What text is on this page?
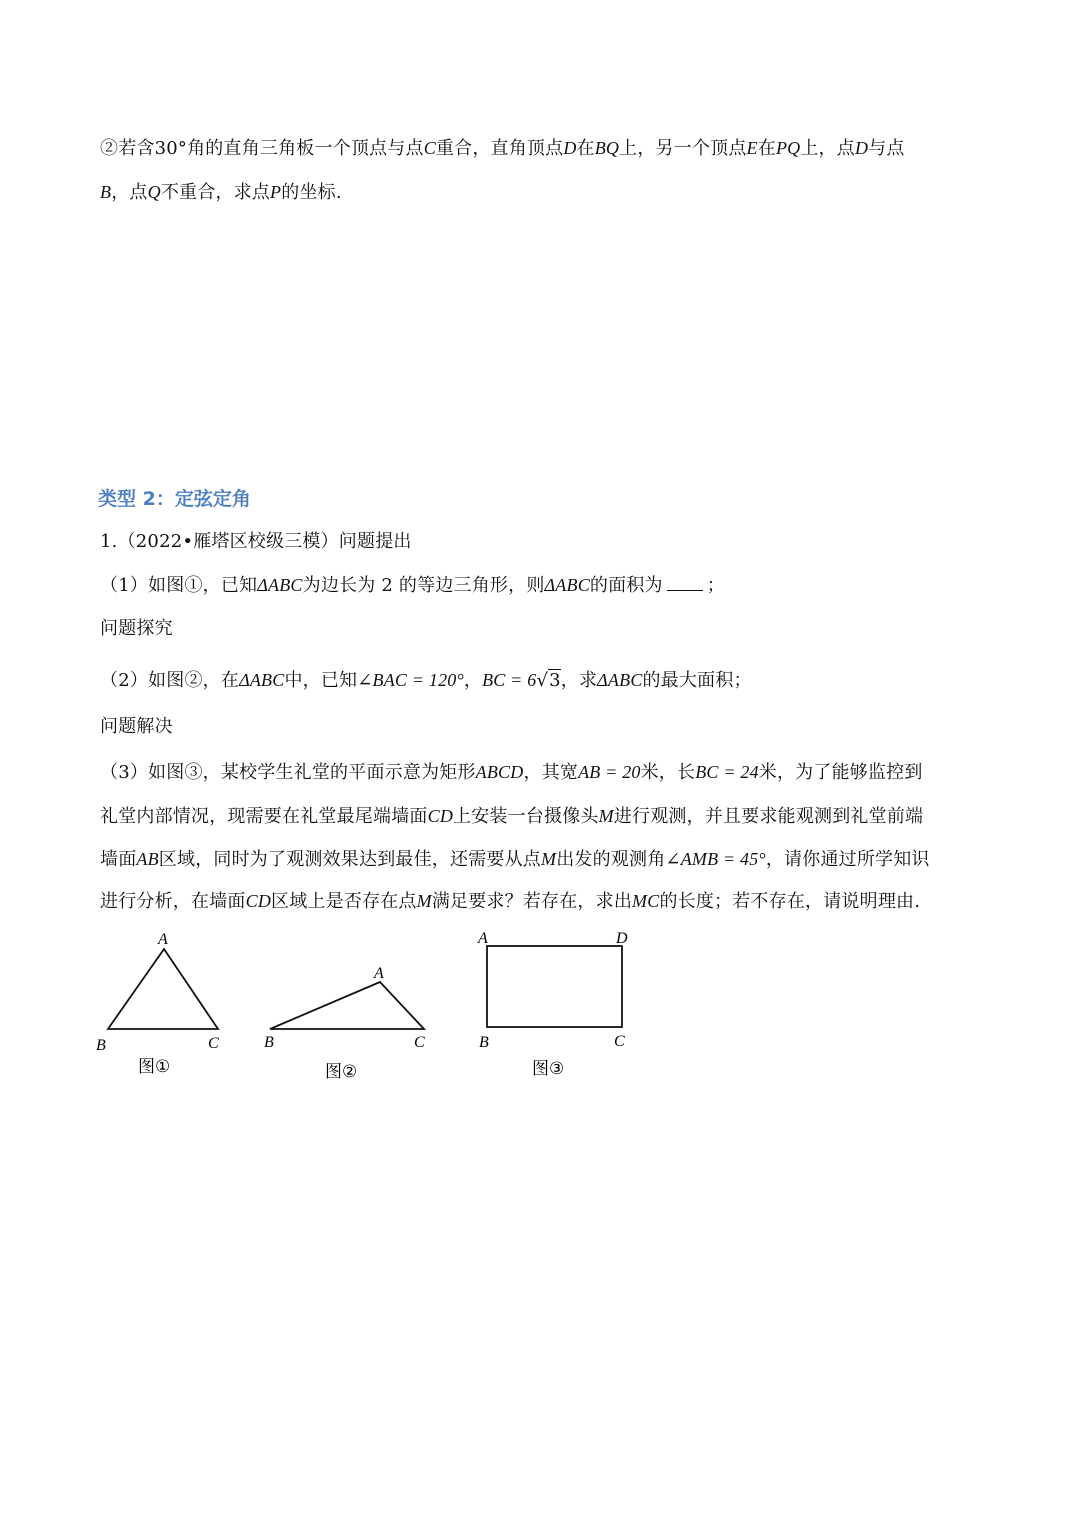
②若含30°角的直角三角板一个顶点与点C重合，直角顶点D在BQ上，另一个顶点E在PQ上，点D与点
B，点Q不重合，求点P的坐标.
类型 2：定弦定角
1.（2022•雁塔区校级三模）问题提出
（1）如图①，已知ΔABC为边长为 2 的等边三角形，则ΔABC的面积为 ；
问题探究
（2）如图②，在ΔABC中，已知∠BAC = 120°，BC = 6√3，求ΔABC的最大面积；
问题解决
（3）如图③，某校学生礼堂的平面示意为矩形ABCD，其宽AB = 20米，长BC = 24米，为了能够监控到
礼堂内部情况，现需要在礼堂最尾端墙面CD上安装一台摄像头M进行观测，并且要求能观测到礼堂前端
墙面AB区域，同时为了观测效果达到最佳，还需要从点M出发的观测角∠AMB = 45°，请你通过所学知识
进行分析，在墙面CD区域上是否存在点M满足要求？若存在，求出MC的长度；若不存在，请说明理由.
A
B	C
图①
A
B	C
图②
A	D
B	C
图③
